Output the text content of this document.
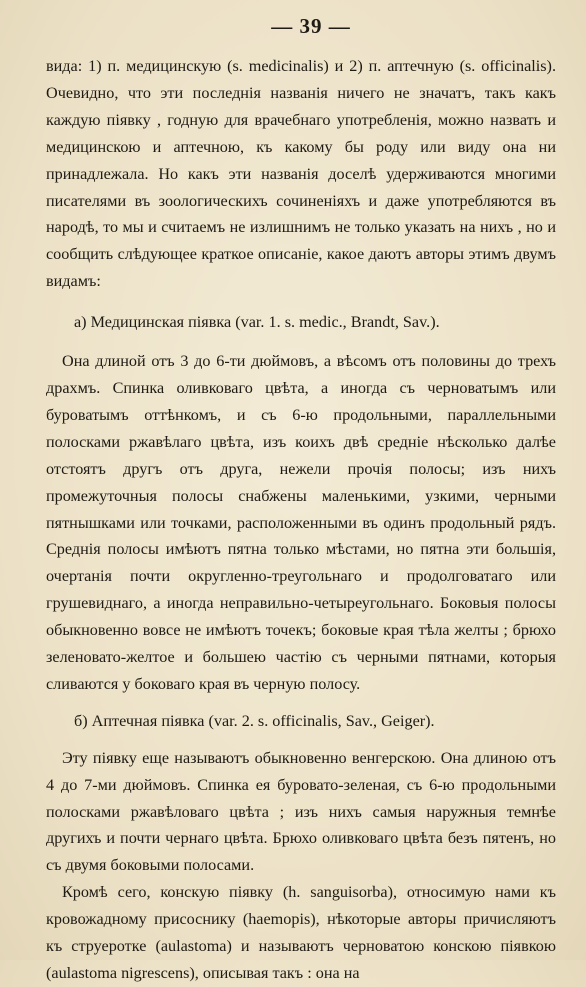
— 39 —

вида: 1) п. медицинскую (s. medicinalis) и 2) п. аптечную (s. officinalis). Очевидно, что эти последнія названія ничего не значатъ, такъ какъ каждую піявку , годную для врачебнаго употребленія, можно назвать и медицинскою и аптечною, къ какому бы роду или виду она ни принадлежала. Но какъ эти названія доселѣ удерживаются многими писателями въ зоологическихъ сочиненіяхъ и даже употребляются въ народѣ, то мы и считаемъ не излишнимъ не только указать на нихъ , но и сообщить слѣдующее краткое описаніе, какое даютъ авторы этимъ двумъ видамъ:

а) Медицинская піявка (var. 1. s. medic., Brandt, Sav.).

Она длиной отъ 3 до 6-ти дюймовъ, а вѣсомъ отъ половины до трехъ драхмъ. Спинка оливковаго цвѣта, а иногда съ черноватымъ или буроватымъ оттѣнкомъ, и съ 6-ю продольными, параллельными полосками ржавѣлаго цвѣта, изъ коихъ двѣ средніе нѣсколько далѣе отстоятъ другъ отъ друга, нежели прочія полосы; изъ нихъ промежуточныя полосы снабжены маленькими, узкими, черными пятнышками или точками, расположенными въ одинъ продольный рядъ. Среднія полосы имѣютъ пятна только мѣстами, но пятна эти большія, очертанія почти округленно-треугольнаго и продолговатаго или грушевиднаго, а иногда неправильно-четыреугольнаго. Боковыя полосы обыкновенно вовсе не имѣютъ точекъ; боковые края тѣла желты ; брюхо зеленовато-желтое и большею частію съ черными пятнами, которыя сливаются у боковаго края въ черную полосу.

б) Аптечная піявка (var. 2. s. officinalis, Sav., Geiger).

Эту піявку еще называютъ обыкновенно венгерскою. Она длиною отъ 4 до 7-ми дюймовъ. Спинка ея буровато-зеленая, съ 6-ю продольными полосками ржавѣловаго цвѣта ; изъ нихъ самыя наружныя темнѣе другихъ и почти чернаго цвѣта. Брюхо оливковаго цвѣта безъ пятенъ, но съ двумя боковыми полосами.

Кромѣ сего, конскую піявку (h. sanguisorba), относимую нами къ кровожадному присоснику (haemopis), нѣкоторые авторы причисляютъ къ струеротке (aulastoma) и называютъ черноватою конскою піявкою (aulastoma nigrescens), описывая такъ : она на
